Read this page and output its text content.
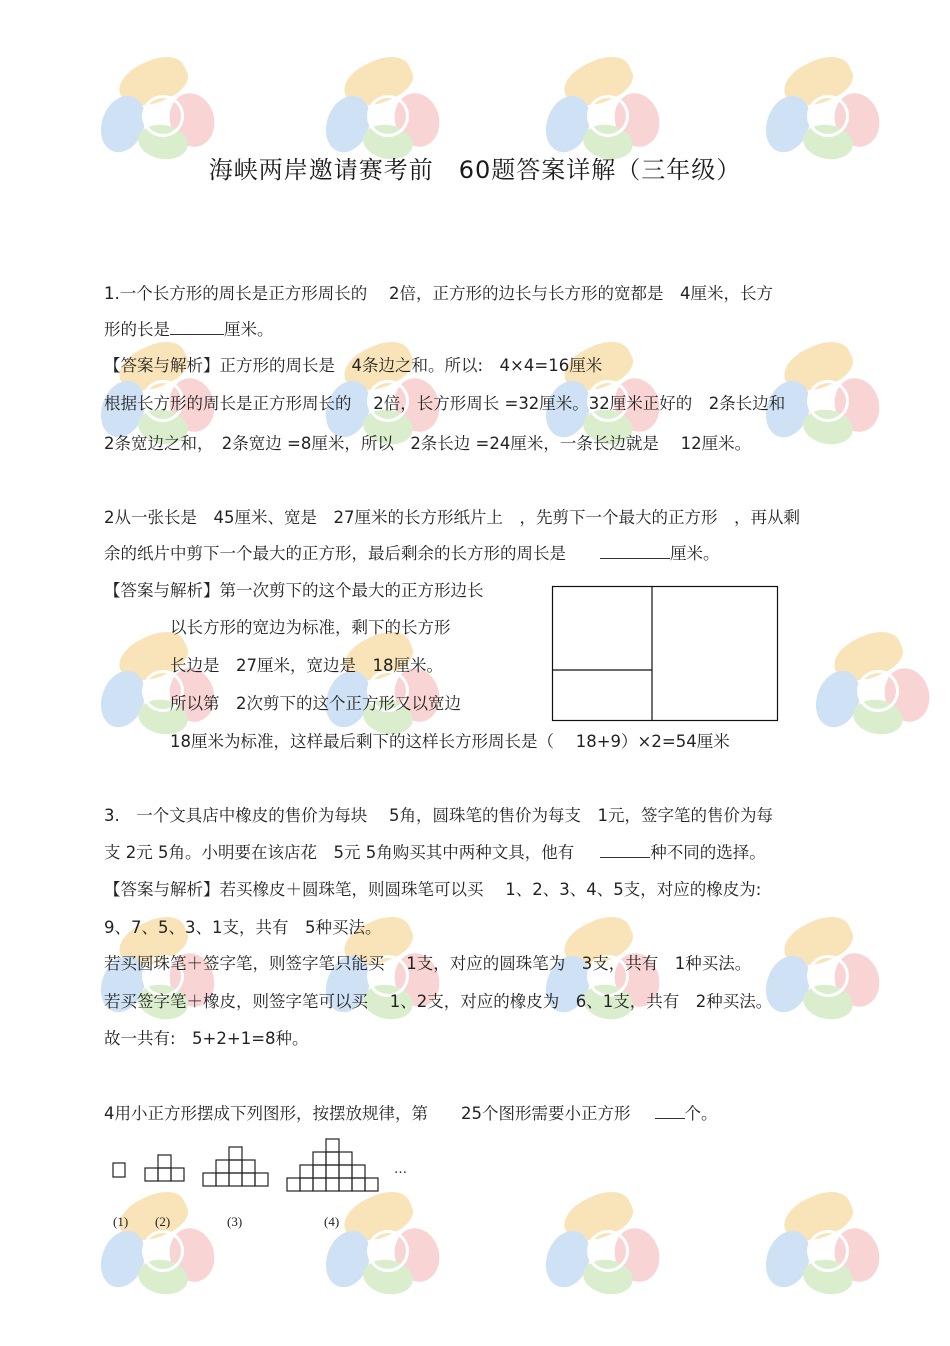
海峡两岸邀请赛考前　60题答案详解（三年级）
1.一个长方形的周长是正方形周长的　 2倍，正方形的边长与长方形的宽都是　4厘米，长方
形的长是	厘米。
【答案与解析】正方形的周长是　4条边之和。所以:　4×4=16厘米
根据长方形的周长是正方形周长的　 2倍，长方形周长 =32厘米。32厘米正好的　2条长边和
2条宽边之和，　2条宽边 =8厘米，所以　2条长边 =24厘米，一条长边就是　 12厘米。
2从一张长是　45厘米、宽是　27厘米的长方形纸片上　，先剪下一个最大的正方形　，再从剩
余的纸片中剪下一个最大的正方形，最后剩余的长方形的周长是	厘米。
【答案与解析】第一次剪下的这个最大的正方形边长
以长方形的宽边为标准，剩下的长方形
长边是　27厘米，宽边是　18厘米。
所以第　2次剪下的这个正方形又以宽边
18厘米为标准，这样最后剩下的这样长方形周长是（　 18+9）×2=54厘米
3.　一个文具店中橡皮的售价为每块　 5角，圆珠笔的售价为每支　1元，签字笔的售价为每
支 2元 5角。小明要在该店花　5元 5角购买其中两种文具，他有	种不同的选择。
【答案与解析】若买橡皮＋圆珠笔，则圆珠笔可以买　 1、2、3、4、5支，对应的橡皮为:
9、7、5、3、1支，共有　5种买法。
若买圆珠笔＋签字笔，则签字笔只能买　 1支，对应的圆珠笔为　3支，共有　1种买法。
若买签字笔＋橡皮，则签字笔可以买　 1、2支，对应的橡皮为　6、1支，共有　2种买法。
故一共有:　5+2+1=8种。
4用小正方形摆成下列图形，按摆放规律，第　　25个图形需要小正方形	个。
(1) (2)	(3)	(4)
…
